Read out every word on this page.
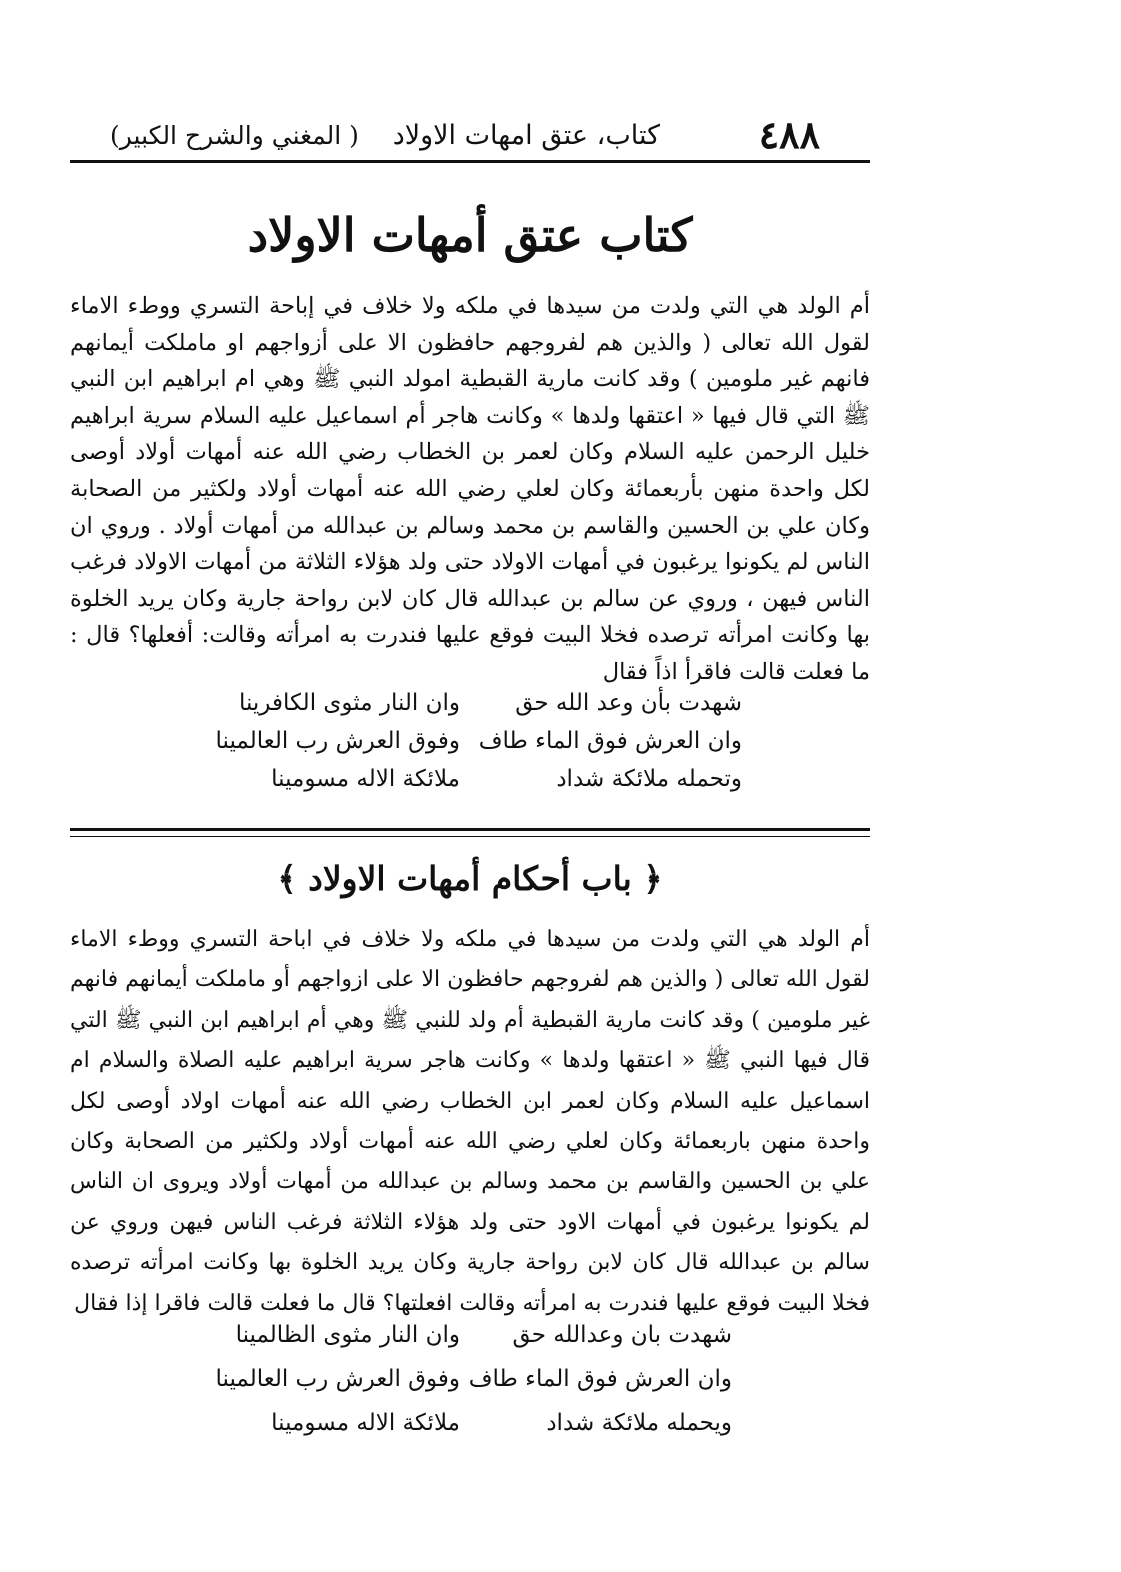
٤٨٨
كتاب، عتق امهات الاولاد
( المغني والشرح الكبير)
كتاب عتق أمهات الاولاد

أم الولد هي التي ولدت من سيدها في ملكه ولا خلاف في إباحة التسري ووطء الاماء لقول الله تعالى ( والذين هم لفروجهم حافظون الا على أزواجهم او ماملكت أيمانهم فانهم غير ملومين ) وقد كانت مارية القبطية امولد النبي ﷺ وهي ام ابراهيم ابن النبي ﷺ التي قال فيها « اعتقها ولدها » وكانت هاجر أم اسماعيل عليه السلام سرية ابراهيم خليل الرحمن عليه السلام وكان لعمر بن الخطاب رضي الله عنه أمهات أولاد أوصى لكل واحدة منهن بأربعمائة وكان لعلي رضي الله عنه أمهات أولاد ولكثير من الصحابة وكان علي بن الحسين والقاسم بن محمد وسالم بن عبدالله من أمهات أولاد . وروي ان الناس لم يكونوا يرغبون في أمهات الاولاد حتى ولد هؤلاء الثلاثة من أمهات الاولاد فرغب الناس فيهن ، وروي عن سالم بن عبدالله قال كان لابن رواحة جارية وكان يريد الخلوة بها وكانت امرأته ترصده فخلا البيت فوقع عليها فندرت به امرأته وقالت: أفعلها؟ قال : ما فعلت قالت فاقرأ اذاً فقال

شهدت بأن وعد الله حق
وان النار مثوى الكافرينا
وان العرش فوق الماء طاف
وفوق العرش رب العالمينا
وتحمله ملائكة شداد
ملائكة الاله مسومينا
﴿ باب أحكام أمهات الاولاد ﴾

أم الولد هي التي ولدت من سيدها في ملكه ولا خلاف في اباحة التسري ووطء الاماء لقول الله تعالى ( والذين هم لفروجهم حافظون الا على ازواجهم أو ماملكت أيمانهم فانهم غير ملومين ) وقد كانت مارية القبطية أم ولد للنبي ﷺ وهي أم ابراهيم ابن النبي ﷺ التي قال فيها النبي ﷺ « اعتقها ولدها » وكانت هاجر سرية ابراهيم عليه الصلاة والسلام ام اسماعيل عليه السلام وكان لعمر ابن الخطاب رضي الله عنه أمهات اولاد أوصى لكل واحدة منهن باربعمائة وكان لعلي رضي الله عنه أمهات أولاد ولكثير من الصحابة وكان علي بن الحسين والقاسم بن محمد وسالم بن عبدالله من أمهات أولاد ويروى ان الناس لم يكونوا يرغبون في أمهات الاود حتى ولد هؤلاء الثلاثة فرغب الناس فيهن وروي عن سالم بن عبدالله قال كان لابن رواحة جارية وكان يريد الخلوة بها وكانت امرأته ترصده فخلا البيت فوقع عليها فندرت به امرأته وقالت افعلتها؟ قال ما فعلت قالت فاقرا إذا فقال

شهدت بان وعدالله حق
وان النار مثوى الظالمينا
وان العرش فوق الماء طاف
وفوق العرش رب العالمينا
ويحمله ملائكة شداد
ملائكة الاله مسومينا
